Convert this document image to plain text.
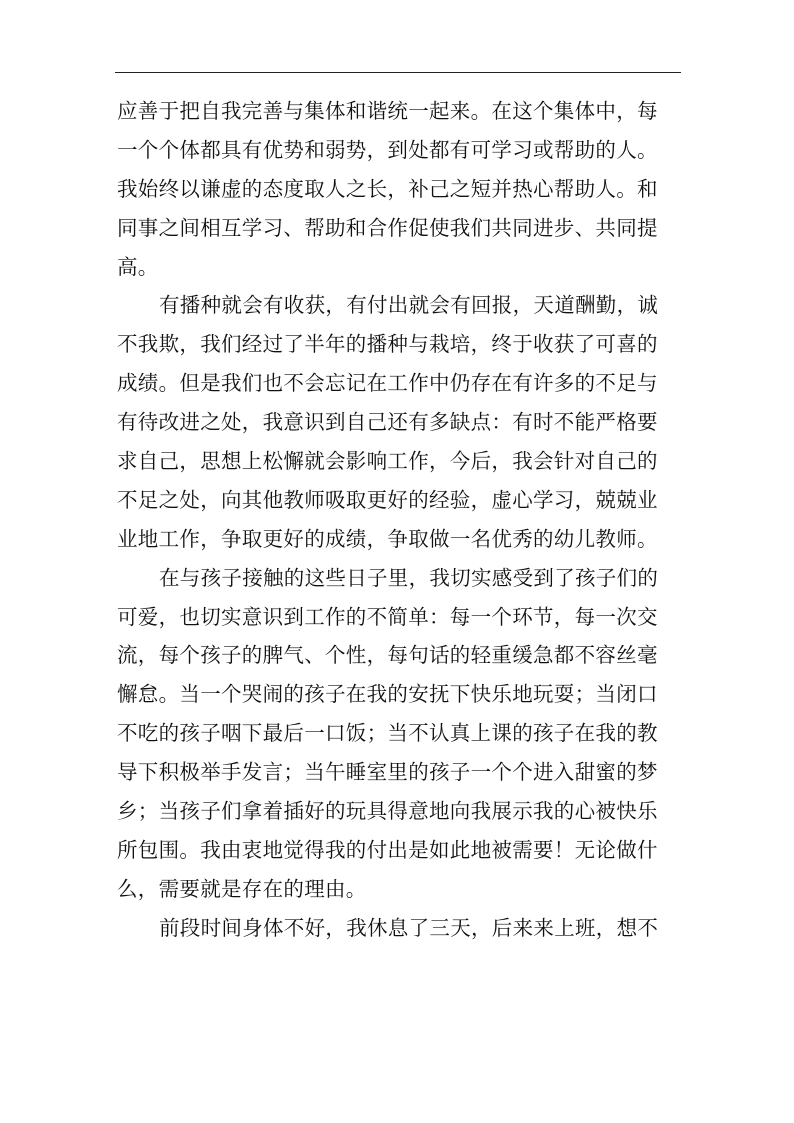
应善于把自我完善与集体和谐统一起来。在这个集体中，每
一个个体都具有优势和弱势，到处都有可学习或帮助的人。
我始终以谦虚的态度取人之长，补己之短并热心帮助人。和
同事之间相互学习、帮助和合作促使我们共同进步、共同提
高。
有播种就会有收获，有付出就会有回报，天道酬勤，诚
不我欺，我们经过了半年的播种与栽培，终于收获了可喜的
成绩。但是我们也不会忘记在工作中仍存在有许多的不足与
有待改进之处，我意识到自己还有多缺点：有时不能严格要
求自己，思想上松懈就会影响工作，今后，我会针对自己的
不足之处，向其他教师吸取更好的经验，虚心学习，兢兢业
业地工作，争取更好的成绩，争取做一名优秀的幼儿教师。
在与孩子接触的这些日子里，我切实感受到了孩子们的
可爱，也切实意识到工作的不简单：每一个环节，每一次交
流，每个孩子的脾气、个性，每句话的轻重缓急都不容丝毫
懈怠。当一个哭闹的孩子在我的安抚下快乐地玩耍；当闭口
不吃的孩子咽下最后一口饭；当不认真上课的孩子在我的教
导下积极举手发言；当午睡室里的孩子一个个进入甜蜜的梦
乡；当孩子们拿着插好的玩具得意地向我展示我的心被快乐
所包围。我由衷地觉得我的付出是如此地被需要！无论做什
么，需要就是存在的理由。
前段时间身体不好，我休息了三天，后来来上班，想不
